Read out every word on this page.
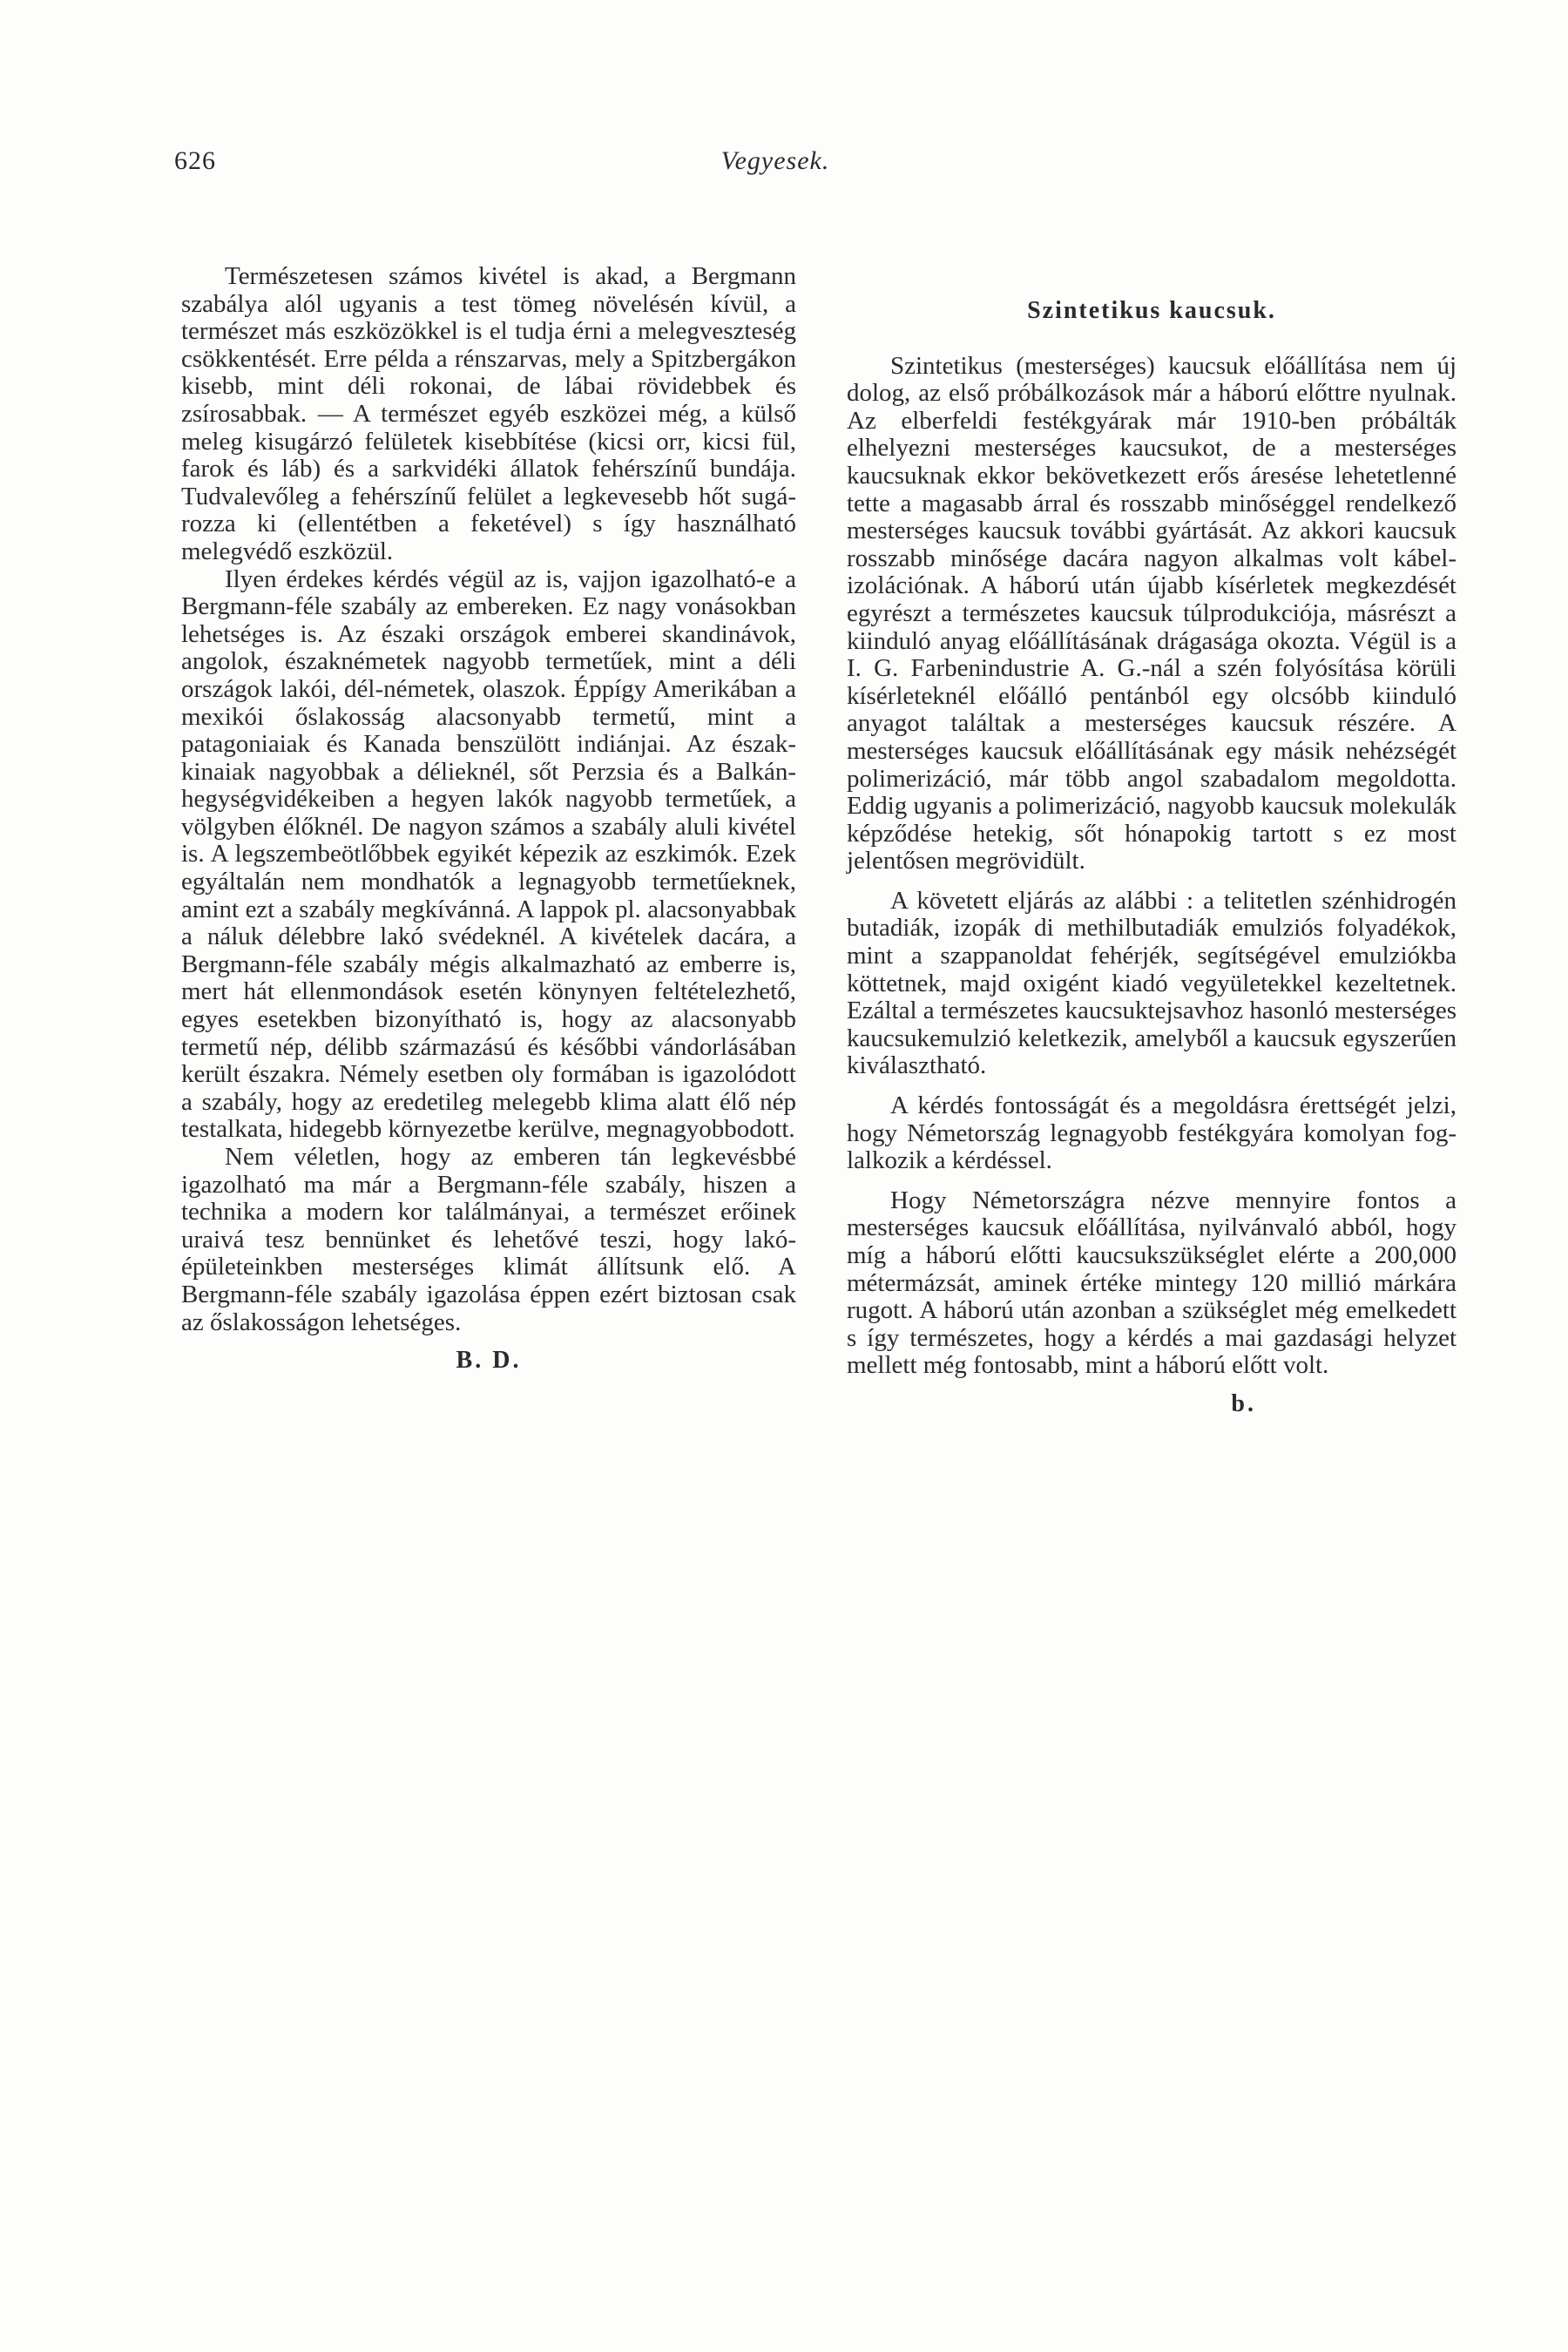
626	Vegyesek.

Természetesen számos kivétel is akad, a Bergmann szabálya alól ugyanis a test tömeg növelésén kívül, a természet más eszközökkel is el tudja érni a melegveszteség csökkentését. Erre példa a rénszarvas, mely a Spitzbergákon kisebb, mint déli rokonai, de lábai rövidebbek és zsírosabbak. — A természet egyéb eszközei még, a külső meleg kisugárzó felületek kisebbítése (kicsi orr, kicsi fül, farok és láb) és a sarkvidéki állatok fehérszínű bundája. Tudvalevőleg a fehérszínű felület a legkevesebb hőt sugározza ki (ellentétben a feketével) s így használható melegvédő eszközül.

Ilyen érdekes kérdés végül az is, vajjon igazolható-e a Bergmann-féle szabály az embereken. Ez nagy vonásokban lehetséges is. Az északi országok emberei skandinávok, angolok, északnémetek nagyobb termetűek, mint a déli országok lakói, dél-németek, olaszok. Éppígy Amerikában a mexikói őslakosság alacsonyabb termetű, mint a patagoniaiak és Kanada benszülött indiánjai. Az észak-kinaiak nagyobbak a délieknél, sőt Perzsia és a Balkán-hegységvidékeiben a hegyen lakók nagyobb termetűek, a völgyben élőknél. De nagyon számos a szabály aluli kivétel is. A legszembeötlőbbek egyikét képezik az eszkimók. Ezek egyáltalán nem mondhatók a legnagyobb termetűeknek, amint ezt a szabály megkívánná. A lappok pl. alacsonyabbak a náluk délebbre lakó svédeknél. A kivételek dacára, a Bergmann-féle szabály mégis alkalmazható az emberre is, mert hát ellenmondások esetén könynyen feltételezhető, egyes esetekben bizonyítható is, hogy az alacsonyabb termetű nép, délibb származású és későbbi vándorlásában került északra. Némely esetben oly formában is igazolódott a szabály, hogy az eredetileg melegebb klima alatt élő nép testalkata, hidegebb környezetbe kerülve, megnagyobbodott.

Nem véletlen, hogy az emberen tán legkevésbbé igazolható ma már a Bergmann-féle szabály, hiszen a technika a modern kor találmányai, a természet erőinek uraivá tesz bennünket és lehetővé teszi, hogy lakóépületeinkben mesterséges klimát állítsunk elő. A Bergmann-féle szabály igazolása éppen ezért biztosan csak az őslakosságon lehetséges.

B. D.
Szintetikus kaucsuk.

Szintetikus (mesterséges) kaucsuk előállítása nem új dolog, az első próbálkozások már a háború előttre nyulnak. Az elberfeldi festékgyárak már 1910-ben próbálták elhelyezni mesterséges kaucsukot, de a mesterséges kaucsuknak ekkor bekövetkezett erős áresése lehetetlenné tette a magasabb árral és rosszabb minőséggel rendelkező mesterséges kaucsuk további gyártását. Az akkori kaucsuk rosszabb minősége dacára nagyon alkalmas volt kábelizolációnak. A háború után újabb kísérletek megkezdését egyrészt a természetes kaucsuk túlprodukciója, másrészt a kiinduló anyag előállításának drágasága okozta. Végül is a I. G. Farbenindustrie A. G.-nál a szén folyósítása körüli kísérleteknél előálló pentánból egy olcsóbb kiinduló anyagot találtak a mesterséges kaucsuk részére. A mesterséges kaucsuk előállításának egy másik nehézségét polimerizáció, már több angol szabadalom megoldotta. Eddig ugyanis a polimerizáció, nagyobb kaucsuk molekulák képződése hetekig, sőt hónapokig tartott s ez most jelentősen megrövidült.

A követett eljárás az alábbi : a telitetlen szénhidrogén butadiák, izopák di methilbutadiák emulziós folyadékok, mint a szappanoldat fehérjék, segítségével emulziókba köttetnek, majd oxigént kiadó vegyületekkel kezeltetnek. Ezáltal a természetes kaucsuktejsavhoz hasonló mesterséges kaucsukemulzió keletkezik, amelyből a kaucsuk egyszerűen kiválasztható.

A kérdés fontosságát és a megoldásra érettségét jelzi, hogy Németország legnagyobb festékgyára komolyan foglalkozik a kérdéssel.

Hogy Németországra nézve mennyire fontos a mesterséges kaucsuk előállítása, nyilvánvaló abból, hogy míg a háború előtti kaucsukszükséglet elérte a 200,000 métermázsát, aminek értéke mintegy 120 millió márkára rugott. A háború után azonban a szükséglet még emelkedett s így természetes, hogy a kérdés a mai gazdasági helyzet mellett még fontosabb, mint a háború előtt volt.

b.
